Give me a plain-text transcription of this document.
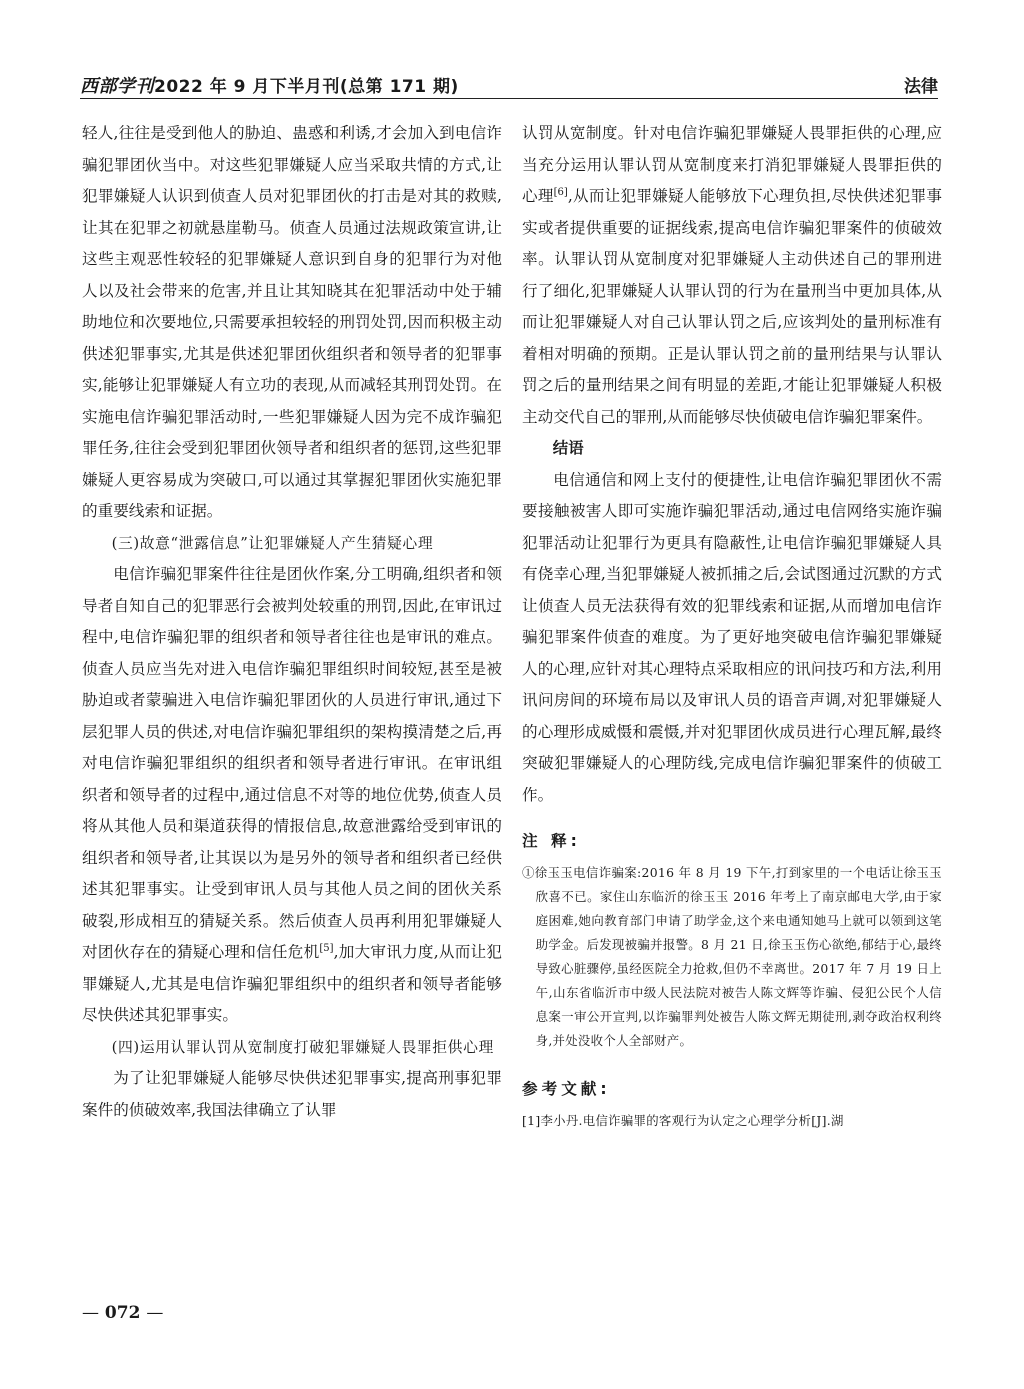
西部学刊2022 年 9 月下半月刊(总第 171 期)	法律

轻人,往往是受到他人的胁迫、蛊惑和利诱,才会加入到电信诈骗犯罪团伙当中。对这些犯罪嫌疑人应当采取共情的方式,让犯罪嫌疑人认识到侦查人员对犯罪团伙的打击是对其的救赎,让其在犯罪之初就悬崖勒马。侦查人员通过法规政策宣讲,让这些主观恶性较轻的犯罪嫌疑人意识到自身的犯罪行为对他人以及社会带来的危害,并且让其知晓其在犯罪活动中处于辅助地位和次要地位,只需要承担较轻的刑罚处罚,因而积极主动供述犯罪事实,尤其是供述犯罪团伙组织者和领导者的犯罪事实,能够让犯罪嫌疑人有立功的表现,从而减轻其刑罚处罚。在实施电信诈骗犯罪活动时,一些犯罪嫌疑人因为完不成诈骗犯罪任务,往往会受到犯罪团伙领导者和组织者的惩罚,这些犯罪嫌疑人更容易成为突破口,可以通过其掌握犯罪团伙实施犯罪的重要线索和证据。

(三)故意“泄露信息”让犯罪嫌疑人产生猜疑心理

电信诈骗犯罪案件往往是团伙作案,分工明确,组织者和领导者自知自己的犯罪恶行会被判处较重的刑罚,因此,在审讯过程中,电信诈骗犯罪的组织者和领导者往往也是审讯的难点。侦查人员应当先对进入电信诈骗犯罪组织时间较短,甚至是被胁迫或者蒙骗进入电信诈骗犯罪团伙的人员进行审讯,通过下层犯罪人员的供述,对电信诈骗犯罪组织的架构摸清楚之后,再对电信诈骗犯罪组织的组织者和领导者进行审讯。在审讯组织者和领导者的过程中,通过信息不对等的地位优势,侦查人员将从其他人员和渠道获得的情报信息,故意泄露给受到审讯的组织者和领导者,让其误以为是另外的领导者和组织者已经供述其犯罪事实。让受到审讯人员与其他人员之间的团伙关系破裂,形成相互的猜疑关系。然后侦查人员再利用犯罪嫌疑人对团伙存在的猜疑心理和信任危机[5],加大审讯力度,从而让犯罪嫌疑人,尤其是电信诈骗犯罪组织中的组织者和领导者能够尽快供述其犯罪事实。

(四)运用认罪认罚从宽制度打破犯罪嫌疑人畏罪拒供心理

为了让犯罪嫌疑人能够尽快供述犯罪事实,提高刑事犯罪案件的侦破效率,我国法律确立了认罪

认罚从宽制度。针对电信诈骗犯罪嫌疑人畏罪拒供的心理,应当充分运用认罪认罚从宽制度来打消犯罪嫌疑人畏罪拒供的心理[6],从而让犯罪嫌疑人能够放下心理负担,尽快供述犯罪事实或者提供重要的证据线索,提高电信诈骗犯罪案件的侦破效率。认罪认罚从宽制度对犯罪嫌疑人主动供述自己的罪刑进行了细化,犯罪嫌疑人认罪认罚的行为在量刑当中更加具体,从而让犯罪嫌疑人对自己认罪认罚之后,应该判处的量刑标准有着相对明确的预期。正是认罪认罚之前的量刑结果与认罪认罚之后的量刑结果之间有明显的差距,才能让犯罪嫌疑人积极主动交代自己的罪刑,从而能够尽快侦破电信诈骗犯罪案件。

结语

电信通信和网上支付的便捷性,让电信诈骗犯罪团伙不需要接触被害人即可实施诈骗犯罪活动,通过电信网络实施诈骗犯罪活动让犯罪行为更具有隐蔽性,让电信诈骗犯罪嫌疑人具有侥幸心理,当犯罪嫌疑人被抓捕之后,会试图通过沉默的方式让侦查人员无法获得有效的犯罪线索和证据,从而增加电信诈骗犯罪案件侦查的难度。为了更好地突破电信诈骗犯罪嫌疑人的心理,应针对其心理特点采取相应的讯问技巧和方法,利用讯问房间的环境布局以及审讯人员的语音声调,对犯罪嫌疑人的心理形成威慑和震慑,并对犯罪团伙成员进行心理瓦解,最终突破犯罪嫌疑人的心理防线,完成电信诈骗犯罪案件的侦破工作。

注 释:

①徐玉玉电信诈骗案:2016 年 8 月 19 下午,打到家里的一个电话让徐玉玉欣喜不已。家住山东临沂的徐玉玉 2016 年考上了南京邮电大学,由于家庭困难,她向教育部门申请了助学金,这个来电通知她马上就可以领到这笔助学金。后发现被骗并报警。8 月 21 日,徐玉玉伤心欲绝,郁结于心,最终导致心脏骤停,虽经医院全力抢救,但仍不幸离世。2017 年 7 月 19 日上午,山东省临沂市中级人民法院对被告人陈文辉等诈骗、侵犯公民个人信息案一审公开宣判,以诈骗罪判处被告人陈文辉无期徒刑,剥夺政治权利终身,并处没收个人全部财产。

参考文献:

[1]李小丹.电信诈骗罪的客观行为认定之心理学分析[J].湖

— 072 —
